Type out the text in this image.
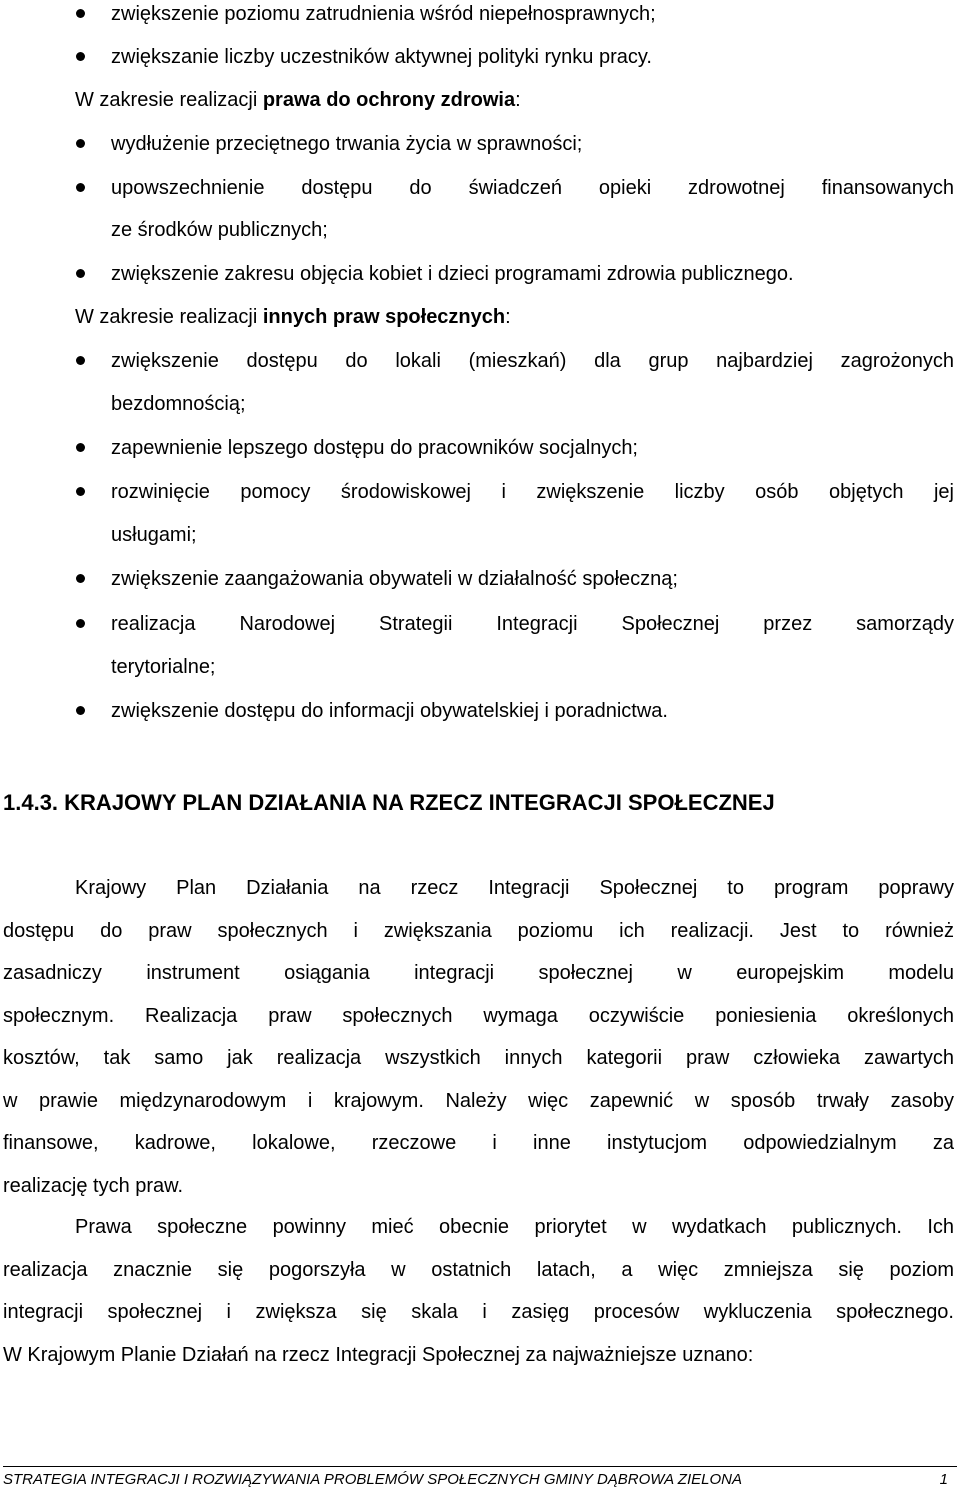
zwiększenie poziomu zatrudnienia wśród niepełnosprawnych;
zwiększanie liczby uczestników aktywnej polityki rynku pracy.
W zakresie realizacji prawa do ochrony zdrowia:
wydłużenie przeciętnego trwania życia w sprawności;
upowszechnienie dostępu do świadczeń opieki zdrowotnej finansowanych
ze środków publicznych;
zwiększenie zakresu objęcia kobiet i dzieci programami zdrowia publicznego.
W zakresie realizacji innych praw społecznych:
zwiększenie dostępu do lokali (mieszkań) dla grup najbardziej zagrożonych
bezdomnością;
zapewnienie lepszego dostępu do pracowników socjalnych;
rozwinięcie pomocy środowiskowej i zwiększenie liczby osób objętych jej
usługami;
zwiększenie zaangażowania obywateli w działalność społeczną;
realizacja Narodowej Strategii Integracji Społecznej przez samorządy
terytorialne;
zwiększenie dostępu do informacji obywatelskiej i poradnictwa.
1.4.3. KRAJOWY PLAN DZIAŁANIA NA RZECZ INTEGRACJI SPOŁECZNEJ
Krajowy Plan Działania na rzecz Integracji Społecznej to program poprawy
dostępu do praw społecznych i zwiększania poziomu ich realizacji. Jest to również
zasadniczy instrument osiągania integracji społecznej w europejskim modelu
społecznym. Realizacja praw społecznych wymaga oczywiście poniesienia określonych
kosztów, tak samo jak realizacja wszystkich innych kategorii praw człowieka zawartych
w prawie międzynarodowym i krajowym. Należy więc zapewnić w sposób trwały zasoby
finansowe, kadrowe, lokalowe, rzeczowe i inne instytucjom odpowiedzialnym za
realizację tych praw.
Prawa społeczne powinny mieć obecnie priorytet w wydatkach publicznych. Ich
realizacja znacznie się pogorszyła w ostatnich latach, a więc zmniejsza się poziom
integracji społecznej i zwiększa się skala i zasięg procesów wykluczenia społecznego.
W Krajowym Planie Działań na rzecz Integracji Społecznej za najważniejsze uznano:
STRATEGIA INTEGRACJI I ROZWIĄZYWANIA PROBLEMÓW SPOŁECZNYCH GMINY DĄBROWA ZIELONA	1
